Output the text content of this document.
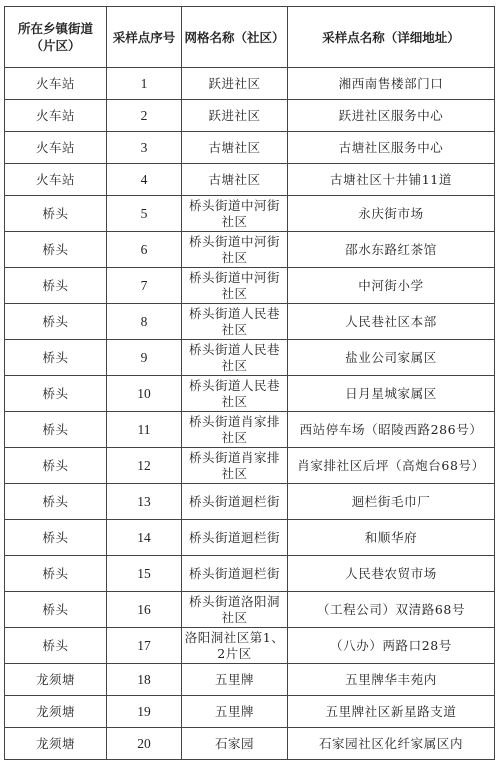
所在乡镇街道（片区）	采样点序号	网格名称（社区）	采样点名称（详细地址）
火车站	1	跃进社区	湘西南售楼部门口
火车站	2	跃进社区	跃进社区服务中心
火车站	3	古塘社区	古塘社区服务中心
火车站	4	古塘社区	古塘社区十井铺11道
桥头	5	桥头街道中河街社区	永庆街市场
桥头	6	桥头街道中河街社区	邵水东路红茶馆
桥头	7	桥头街道中河街社区	中河街小学
桥头	8	桥头街道人民巷社区	人民巷社区本部
桥头	9	桥头街道人民巷社区	盐业公司家属区
桥头	10	桥头街道人民巷社区	日月星城家属区
桥头	11	桥头街道肖家排社区	西站停车场（昭陵西路286号）
桥头	12	桥头街道肖家排社区	肖家排社区后坪（高炮台68号）
桥头	13	桥头街道迴栏街	迴栏街毛巾厂
桥头	14	桥头街道迴栏街	和顺华府
桥头	15	桥头街道迴栏街	人民巷农贸市场
桥头	16	桥头街道洛阳洞社区	（工程公司）双清路68号
桥头	17	洛阳洞社区第1、2片区	（八办）两路口28号
龙须塘	18	五里牌	五里牌华丰苑内
龙须塘	19	五里牌	五里牌社区新星路支道
龙须塘	20	石家园	石家园社区化纤家属区内
